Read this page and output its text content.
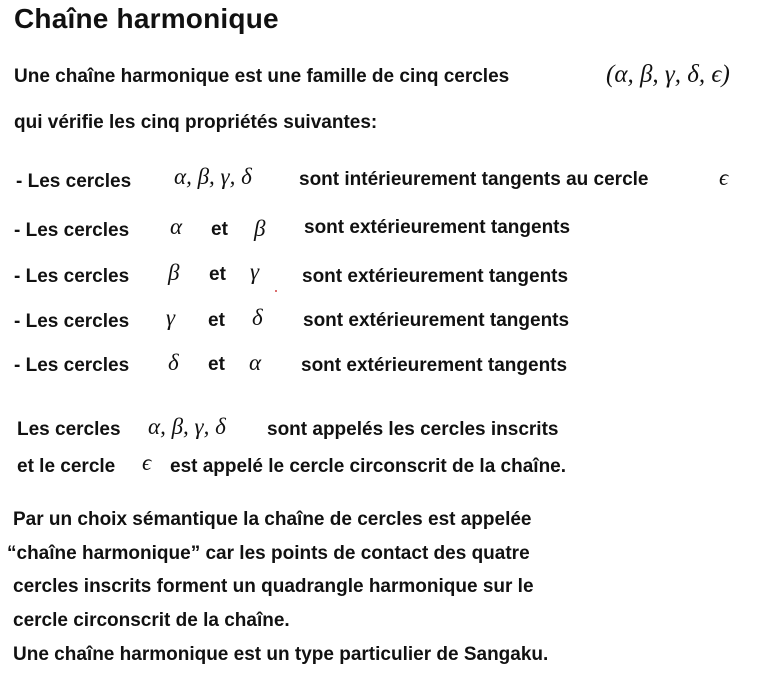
Chaîne harmonique
Une chaîne harmonique est une famille de cinq cercles	(α, β, γ, δ, ϵ)
qui vérifie les cinq propriétés suivantes:
- Les cercles α, β, γ, δ sont intérieurement tangents au cercle	ϵ
- Les cercles α et β sont extérieurement tangents
- Les cercles β et γ sont extérieurement tangents
- Les cercles γ et δ sont extérieurement tangents
- Les cercles δ et α sont extérieurement tangents
Les cercles α, β, γ, δ sont appelés les cercles inscrits
et le cercle ϵ est appelé le cercle circonscrit de la chaîne.
Par un choix sémantique la chaîne de cercles est appelée
“chaîne harmonique” car les points de contact des quatre
cercles inscrits forment un quadrangle harmonique sur le
cercle circonscrit de la chaîne.
Une chaîne harmonique est un type particulier de Sangaku.
